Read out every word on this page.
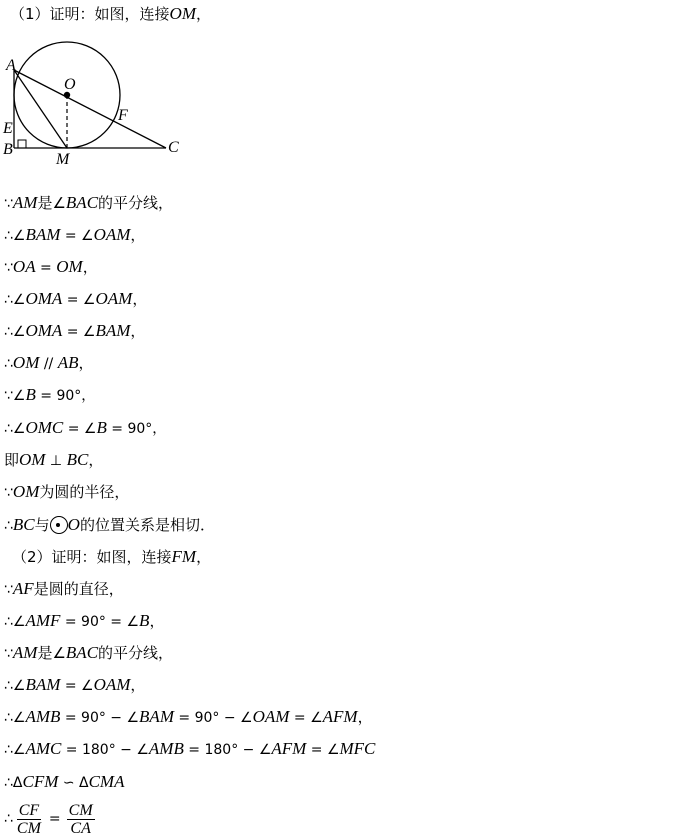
A
O
F
E
B
M
C
（1）证明：如图，连接OM，
∵AM是∠BAC的平分线，
∴∠BAM = ∠OAM，
∵OA = OM，
∴∠OMA = ∠OAM，
∴∠OMA = ∠BAM，
∴OM // AB，
∵∠B = 90°，
∴∠OMC = ∠B = 90°，
即OM ⊥ BC，
∵OM为圆的半径，
∴BC与 O的位置关系是相切．
（2）证明：如图，连接FM，
∵AF是圆的直径，
∴∠AMF = 90° = ∠B，
∵AM是∠BAC的平分线，
∴∠BAM = ∠OAM，
∴∠AMB = 90° − ∠BAM = 90° − ∠OAM = ∠AFM，
∴∠AMC = 180° − ∠AMB = 180° − ∠AFM = ∠MFC
∴ΔCFM ∽ ΔCMA
∴ $\frac{CF}{CM} = \frac{CM}{CA}$
